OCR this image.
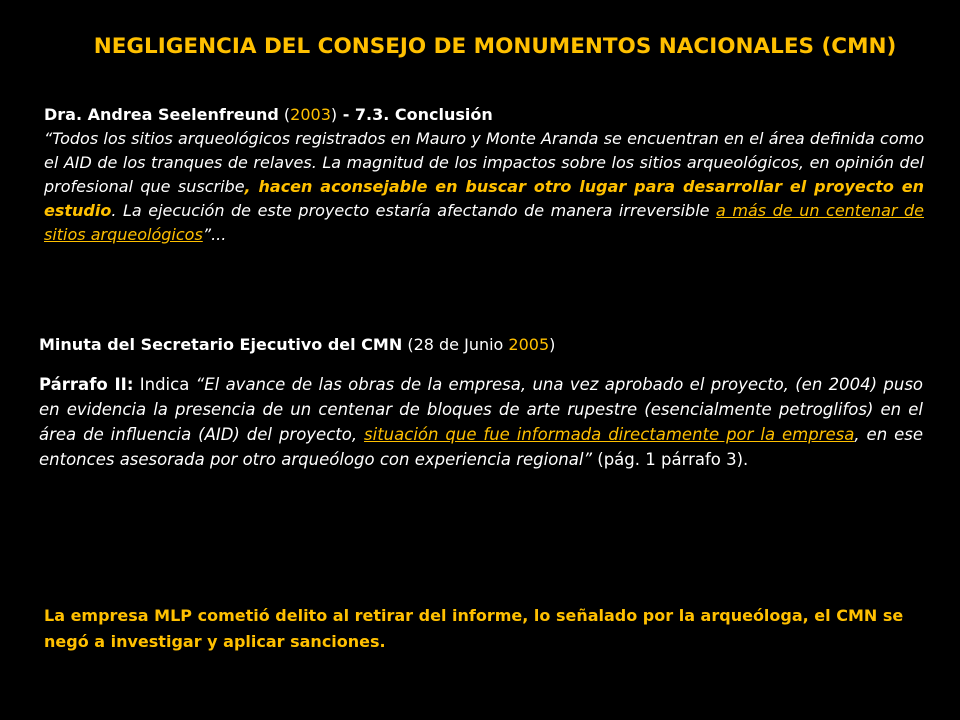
NEGLIGENCIA DEL CONSEJO DE MONUMENTOS NACIONALES (CMN)
Dra. Andrea Seelenfreund (2003) - 7.3. Conclusión

“Todos los sitios arqueológicos registrados en Mauro y Monte Aranda se encuentran en el área definida como el AID de los tranques de relaves. La magnitud de los impactos sobre los sitios arqueológicos, en opinión del profesional que suscribe, hacen aconsejable en buscar otro lugar para desarrollar el proyecto en estudio. La ejecución de este proyecto estaría afectando de manera irreversible a más de un centenar de sitios arqueológicos”...

Minuta del Secretario Ejecutivo del CMN (28 de Junio 2005)

Párrafo II: Indica “El avance de las obras de la empresa, una vez aprobado el proyecto, (en 2004) puso en evidencia la presencia de un centenar de bloques de arte rupestre (esencialmente petroglifos) en el área de influencia (AID) del proyecto, situación que fue informada directamente por la empresa, en ese entonces asesorada por otro arqueólogo con experiencia regional” (pág. 1 párrafo 3).

La empresa MLP cometió delito al retirar del informe, lo señalado por la arqueóloga, el CMN se negó a investigar y aplicar sanciones.
